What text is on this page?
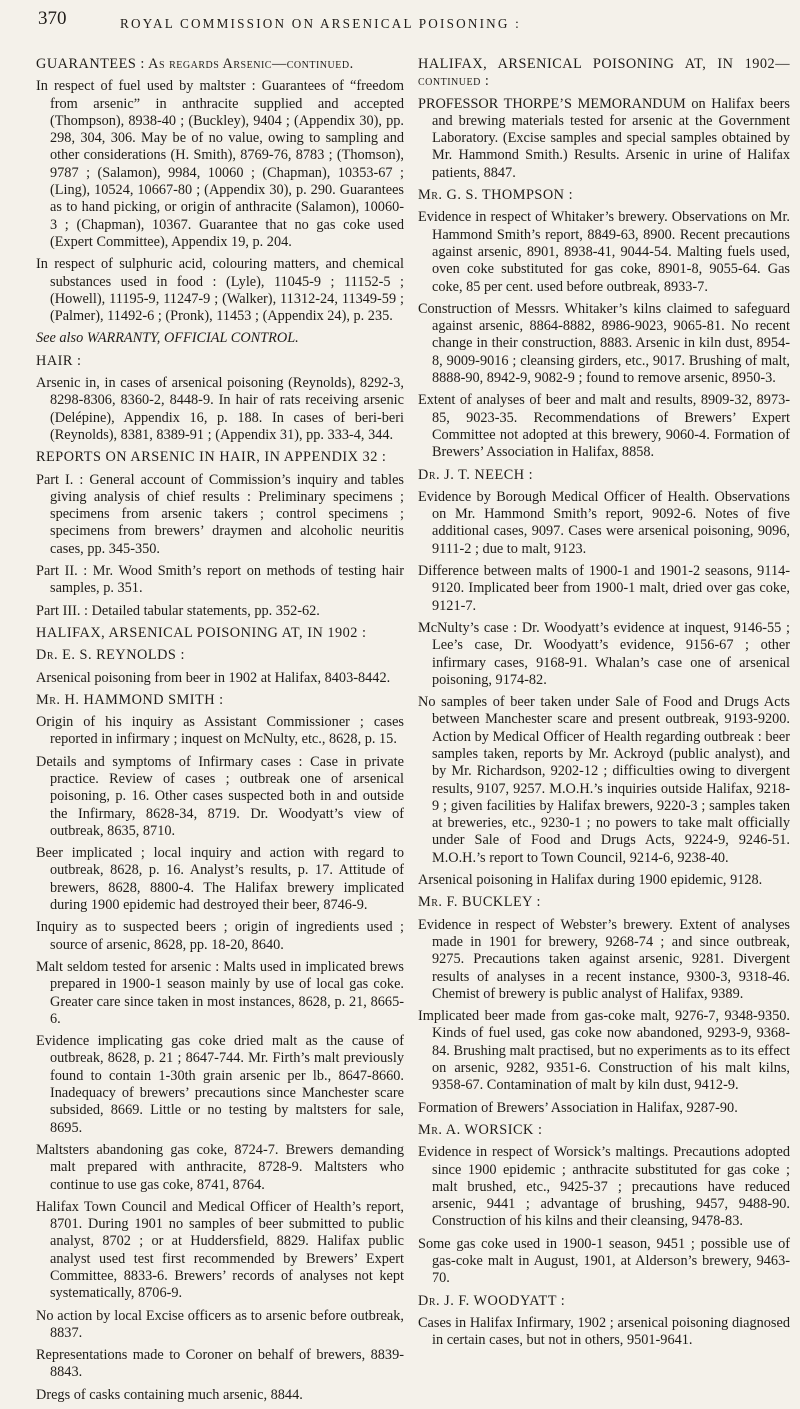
370	ROYAL COMMISSION ON ARSENICAL POISONING :

GUARANTEES : As regards Arsenic—continued.

In respect of fuel used by maltster : Guarantees of “freedom from arsenic” in anthracite supplied and accepted (Thompson), 8938-40 ; (Buckley), 9404 ; (Appendix 30), pp. 298, 304, 306. May be of no value, owing to sampling and other considerations (H. Smith), 8769-76, 8783 ; (Thomson), 9787 ; (Salamon), 9984, 10060 ; (Chapman), 10353-67 ; (Ling), 10524, 10667-80 ; (Appendix 30), p. 290. Guarantees as to hand picking, or origin of anthracite (Salamon), 10060-3 ; (Chapman), 10367. Guarantee that no gas coke used (Expert Committee), Appendix 19, p. 204.

In respect of sulphuric acid, colouring matters, and chemical substances used in food : (Lyle), 11045-9 ; 11152-5 ; (Howell), 11195-9, 11247-9 ; (Walker), 11312-24, 11349-59 ; (Palmer), 11492-6 ; (Pronk), 11453 ; (Appendix 24), p. 235.

See also WARRANTY, OFFICIAL CONTROL.

HAIR :

Arsenic in, in cases of arsenical poisoning (Reynolds), 8292-3, 8298-8306, 8360-2, 8448-9. In hair of rats receiving arsenic (Delépine), Appendix 16, p. 188. In cases of beri-beri (Reynolds), 8381, 8389-91 ; (Appendix 31), pp. 333-4, 344.

REPORTS ON ARSENIC IN HAIR, IN APPENDIX 32 :

Part I. : General account of Commission’s inquiry and tables giving analysis of chief results : Preliminary specimens ; specimens from arsenic takers ; control specimens ; specimens from brewers’ draymen and alcoholic neuritis cases, pp. 345-350.

Part II. : Mr. Wood Smith’s report on methods of testing hair samples, p. 351.

Part III. : Detailed tabular statements, pp. 352-62.

HALIFAX, ARSENICAL POISONING AT, IN 1902 :

Dr. E. S. REYNOLDS :

Arsenical poisoning from beer in 1902 at Halifax, 8403-8442.

Mr. H. HAMMOND SMITH :

Origin of his inquiry as Assistant Commissioner ; cases reported in infirmary ; inquest on McNulty, etc., 8628, p. 15.

Details and symptoms of Infirmary cases : Case in private practice. Review of cases ; outbreak one of arsenical poisoning, p. 16. Other cases suspected both in and outside the Infirmary, 8628-34, 8719. Dr. Woodyatt’s view of outbreak, 8635, 8710.

Beer implicated ; local inquiry and action with regard to outbreak, 8628, p. 16. Analyst’s results, p. 17. Attitude of brewers, 8628, 8800-4. The Halifax brewery implicated during 1900 epidemic had destroyed their beer, 8746-9.

Inquiry as to suspected beers ; origin of ingredients used ; source of arsenic, 8628, pp. 18-20, 8640.

Malt seldom tested for arsenic : Malts used in implicated brews prepared in 1900-1 season mainly by use of local gas coke. Greater care since taken in most instances, 8628, p. 21, 8665-6.

Evidence implicating gas coke dried malt as the cause of outbreak, 8628, p. 21 ; 8647-744. Mr. Firth’s malt previously found to contain 1-30th grain arsenic per lb., 8647-8660. Inadequacy of brewers’ precautions since Manchester scare subsided, 8669. Little or no testing by maltsters for sale, 8695.

Maltsters abandoning gas coke, 8724-7. Brewers demanding malt prepared with anthracite, 8728-9. Maltsters who continue to use gas coke, 8741, 8764.

Halifax Town Council and Medical Officer of Health’s report, 8701. During 1901 no samples of beer submitted to public analyst, 8702 ; or at Huddersfield, 8829. Halifax public analyst used test first recommended by Brewers’ Expert Committee, 8833-6. Brewers’ records of analyses not kept systematically, 8706-9.

No action by local Excise officers as to arsenic before outbreak, 8837.

Representations made to Coroner on behalf of brewers, 8839-8843.

Dregs of casks containing much arsenic, 8844.

HALIFAX, ARSENICAL POISONING AT, IN 1902—continued :

PROFESSOR THORPE’S MEMORANDUM on Halifax beers and brewing materials tested for arsenic at the Government Laboratory. (Excise samples and special samples obtained by Mr. Hammond Smith.) Results. Arsenic in urine of Halifax patients, 8847.

Mr. G. S. THOMPSON :

Evidence in respect of Whitaker’s brewery. Observations on Mr. Hammond Smith’s report, 8849-63, 8900. Recent precautions against arsenic, 8901, 8938-41, 9044-54. Malting fuels used, oven coke substituted for gas coke, 8901-8, 9055-64. Gas coke, 85 per cent. used before outbreak, 8933-7.

Construction of Messrs. Whitaker’s kilns claimed to safeguard against arsenic, 8864-8882, 8986-9023, 9065-81. No recent change in their construction, 8883. Arsenic in kiln dust, 8954-8, 9009-9016 ; cleansing girders, etc., 9017. Brushing of malt, 8888-90, 8942-9, 9082-9 ; found to remove arsenic, 8950-3.

Extent of analyses of beer and malt and results, 8909-32, 8973-85, 9023-35. Recommendations of Brewers’ Expert Committee not adopted at this brewery, 9060-4. Formation of Brewers’ Association in Halifax, 8858.

Dr. J. T. NEECH :

Evidence by Borough Medical Officer of Health. Observations on Mr. Hammond Smith’s report, 9092-6. Notes of five additional cases, 9097. Cases were arsenical poisoning, 9096, 9111-2 ; due to malt, 9123.

Difference between malts of 1900-1 and 1901-2 seasons, 9114-9120. Implicated beer from 1900-1 malt, dried over gas coke, 9121-7.

McNulty’s case : Dr. Woodyatt’s evidence at inquest, 9146-55 ; Lee’s case, Dr. Woodyatt’s evidence, 9156-67 ; other infirmary cases, 9168-91. Whalan’s case one of arsenical poisoning, 9174-82.

No samples of beer taken under Sale of Food and Drugs Acts between Manchester scare and present outbreak, 9193-9200. Action by Medical Officer of Health regarding outbreak : beer samples taken, reports by Mr. Ackroyd (public analyst), and by Mr. Richardson, 9202-12 ; difficulties owing to divergent results, 9107, 9257. M.O.H.’s inquiries outside Halifax, 9218-9 ; given facilities by Halifax brewers, 9220-3 ; samples taken at breweries, etc., 9230-1 ; no powers to take malt officially under Sale of Food and Drugs Acts, 9224-9, 9246-51. M.O.H.’s report to Town Council, 9214-6, 9238-40.

Arsenical poisoning in Halifax during 1900 epidemic, 9128.

Mr. F. BUCKLEY :

Evidence in respect of Webster’s brewery. Extent of analyses made in 1901 for brewery, 9268-74 ; and since outbreak, 9275. Precautions taken against arsenic, 9281. Divergent results of analyses in a recent instance, 9300-3, 9318-46. Chemist of brewery is public analyst of Halifax, 9389.

Implicated beer made from gas-coke malt, 9276-7, 9348-9350. Kinds of fuel used, gas coke now abandoned, 9293-9, 9368-84. Brushing malt practised, but no experiments as to its effect on arsenic, 9282, 9351-6. Construction of his malt kilns, 9358-67. Contamination of malt by kiln dust, 9412-9.

Formation of Brewers’ Association in Halifax, 9287-90.

Mr. A. WORSICK :

Evidence in respect of Worsick’s maltings. Precautions adopted since 1900 epidemic ; anthracite substituted for gas coke ; malt brushed, etc., 9425-37 ; precautions have reduced arsenic, 9441 ; advantage of brushing, 9457, 9488-90. Construction of his kilns and their cleansing, 9478-83.

Some gas coke used in 1900-1 season, 9451 ; possible use of gas-coke malt in August, 1901, at Alderson’s brewery, 9463-70.

Dr. J. F. WOODYATT :

Cases in Halifax Infirmary, 1902 ; arsenical poisoning diagnosed in certain cases, but not in others, 9501-9641.
